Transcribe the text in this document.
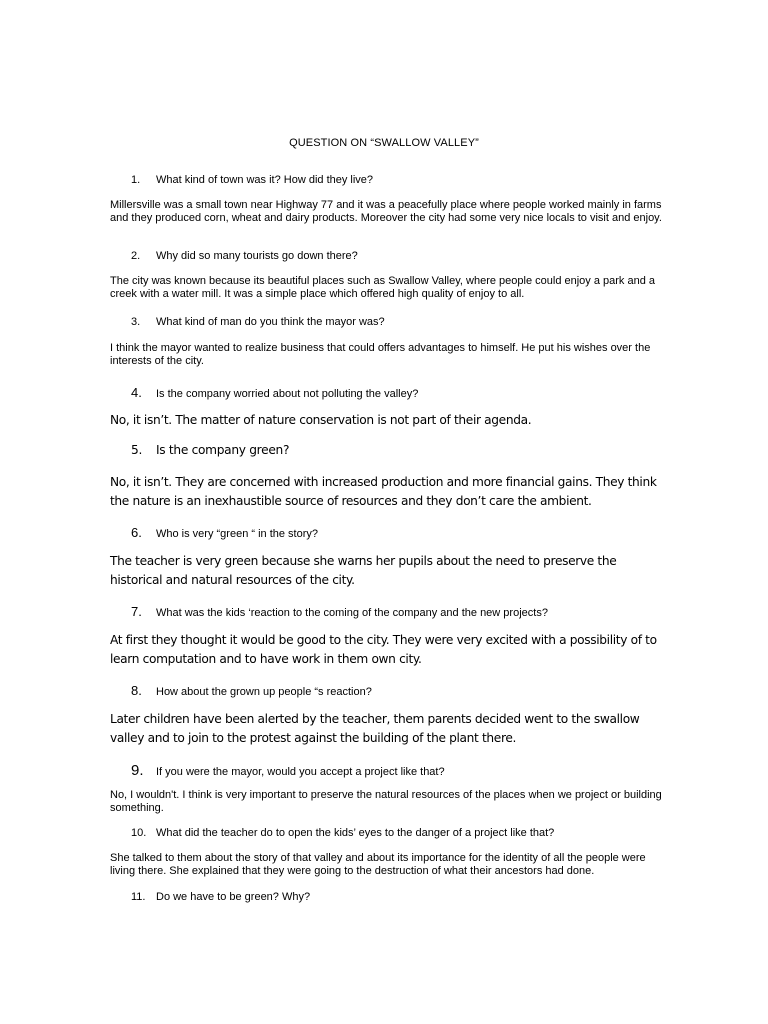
QUESTION ON “SWALLOW VALLEY”
1. What kind of town was it? How did they live?
Millersville was a small town near Highway 77 and it was a peacefully place where people worked mainly in farms and they produced corn, wheat and dairy products. Moreover the city had some very nice locals to visit and enjoy.
2. Why did so many tourists go down there?
The city was known because its beautiful places such as Swallow Valley, where people could enjoy a park and a creek with a water mill. It was a simple place which offered high quality of enjoy to all.
3. What kind of man do you think the mayor was?
I think the mayor wanted to realize business that could offers advantages to himself. He put his wishes over the interests of the city.
4. Is the company worried about not polluting the valley?
No, it isn’t. The matter of nature conservation is not part of their agenda.
5. Is the company green?
No, it isn’t. They are concerned with increased production and more financial gains. They think the nature is an inexhaustible source of resources and they don’t care the ambient.
6. Who is very “green “ in the story?
The teacher is very green because she warns her pupils about the need to preserve the historical and natural resources of the city.
7. What was the kids ‘reaction to the coming of the company and the new projects?
At first they thought it would be good to the city. They were very excited with a possibility of to learn computation and to have work in them own city.
8. How about the grown up people “s reaction?
Later children have been alerted by the teacher, them parents decided went to the swallow valley and to join to the protest against the building of the plant there.
9. If you were the mayor, would you accept a project like that?
No, I wouldn't. I think is very important to preserve the natural resources of the places when we project or building something.
10. What did the teacher do to open the kids’ eyes to the danger of a project like that?
She talked to them about the story of that valley and about its importance for the identity of all the people were living there. She explained that they were going to the destruction of what their ancestors had done.
11. Do we have to be green? Why?
